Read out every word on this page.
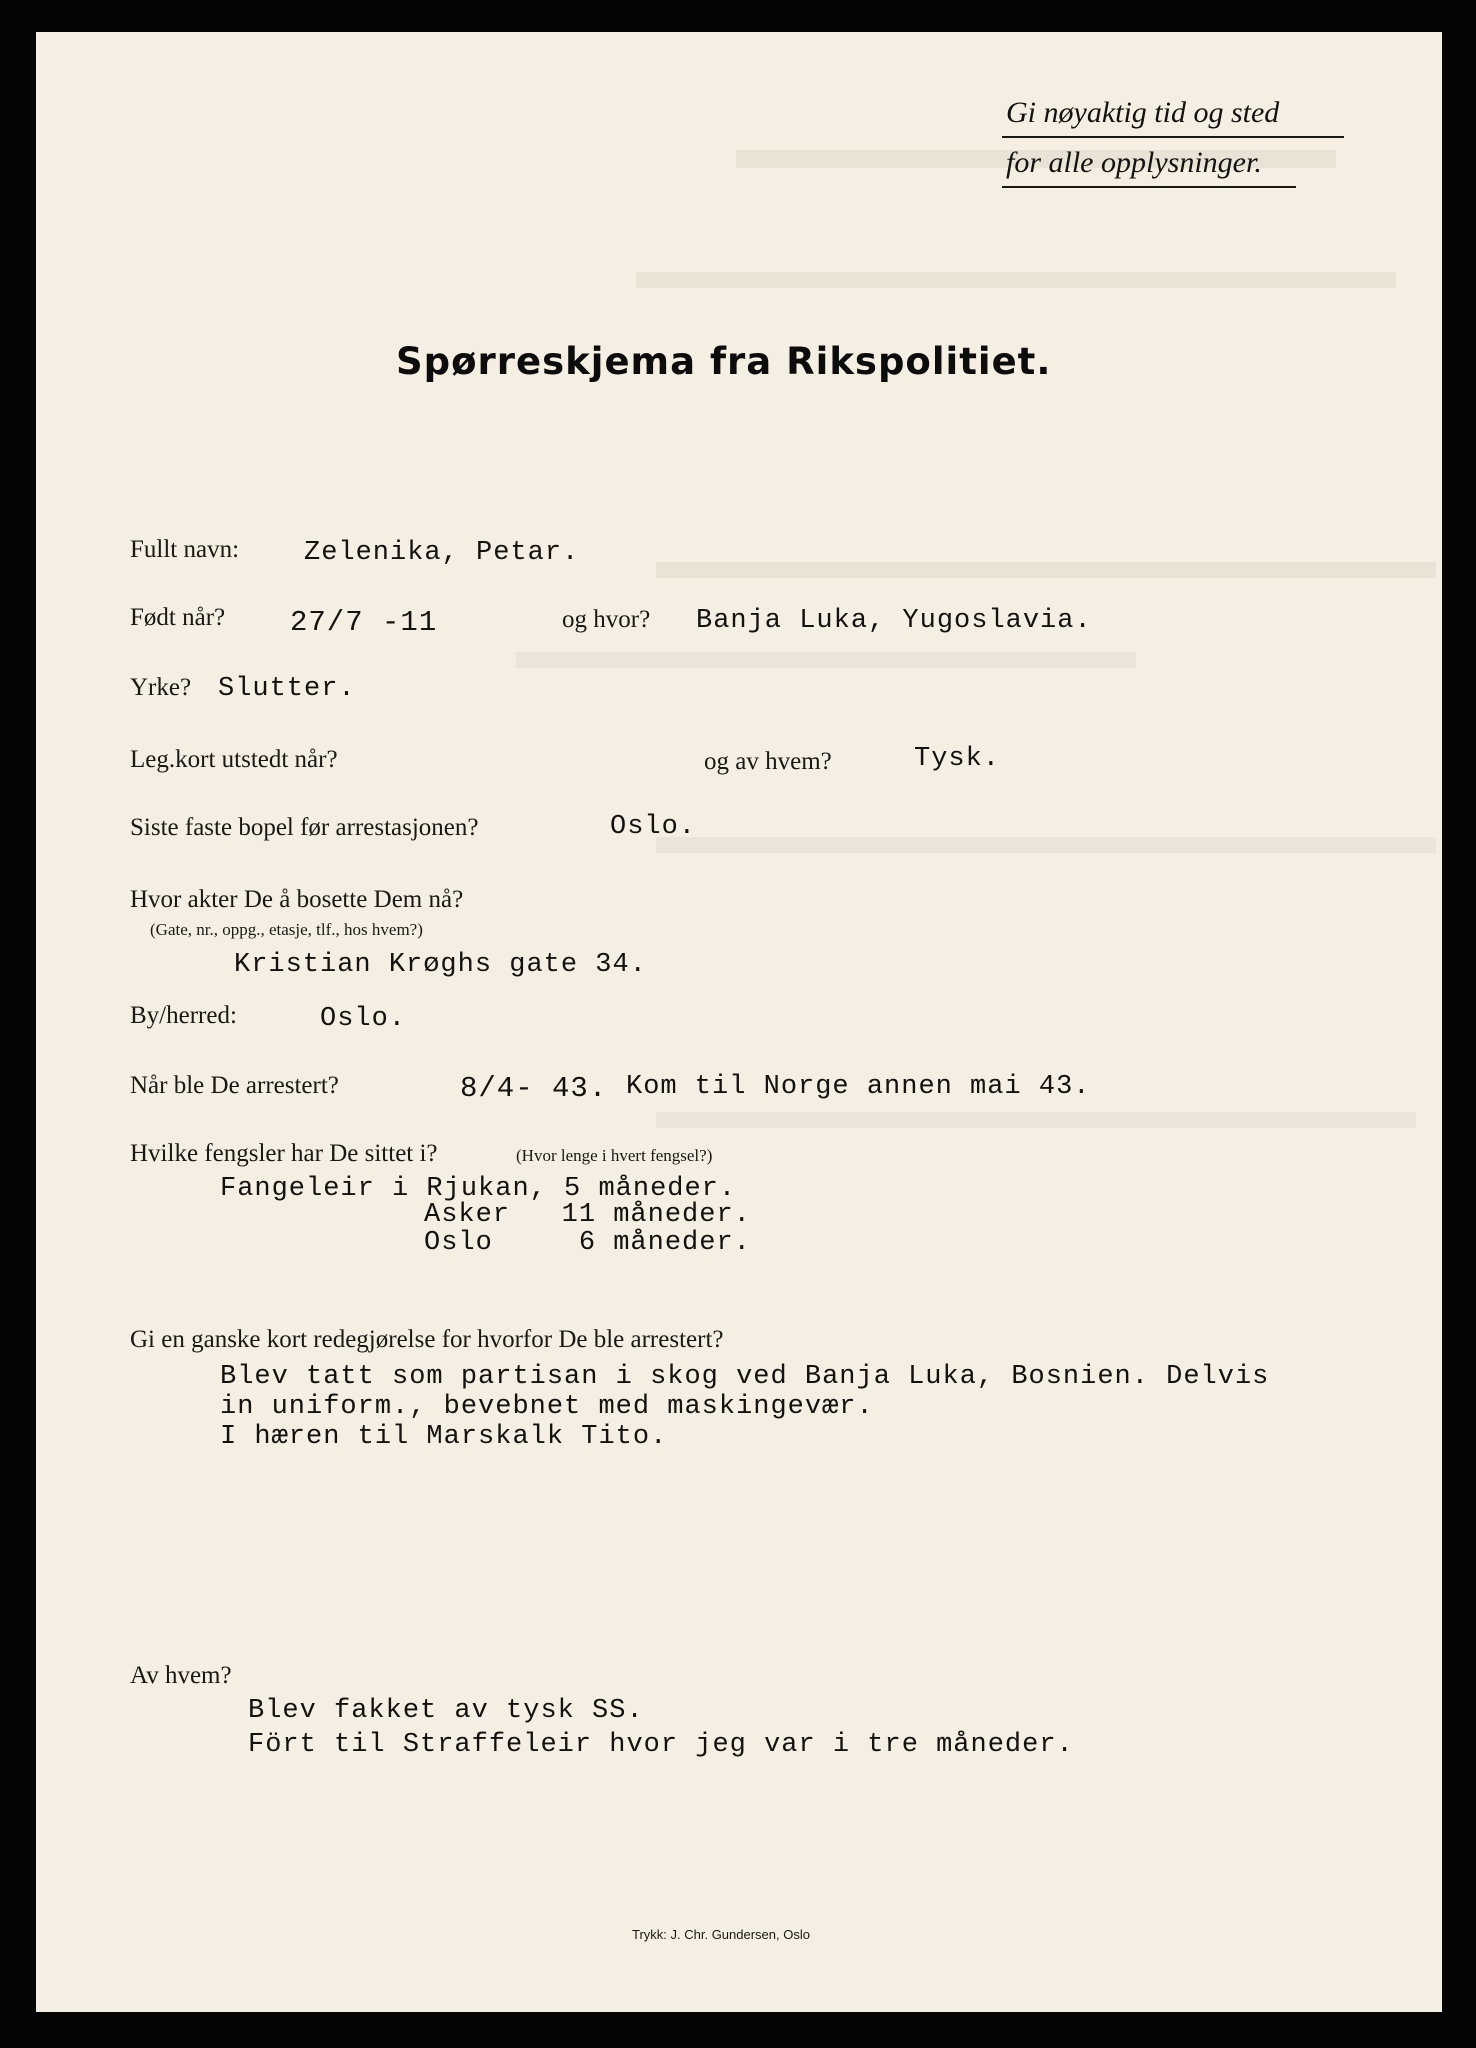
Gi nøyaktig tid og sted
for alle opplysninger.
Spørreskjema fra Rikspolitiet.
Fullt navn: Zelenika, Petar.
Født når? 27/7 -11	og hvor? Banja Luka, Yugoslavia.
Yrke? Slutter.
Leg.kort utstedt når?	og av hvem?	Tysk.
Siste faste bopel før arrestasjonen?	Oslo.
Hvor akter De å bosette Dem nå?
(Gate, nr., oppg., etasje, tlf., hos hvem?)
Kristian Krøghs gate 34.
By/herred:	Oslo.
Når ble De arrestert?	8/4- 43. Kom til Norge annen mai 43.
Hvilke fengsler har De sittet i?	(Hvor lenge i hvert fengsel?)
Fangeleir i Rjukan, 5 måneder.
Asker   11 måneder.
Oslo     6 måneder.
Gi en ganske kort redegjørelse for hvorfor De ble arrestert?
Blev tatt som partisan i skog ved Banja Luka, Bosnien. Delvis
in uniform., bevebnet med maskingevær.
I hæren til Marskalk Tito.
Av hvem?
Blev fakket av tysk SS.
Fört til Straffeleir hvor jeg var i tre måneder.
Trykk: J. Chr. Gundersen, Oslo
